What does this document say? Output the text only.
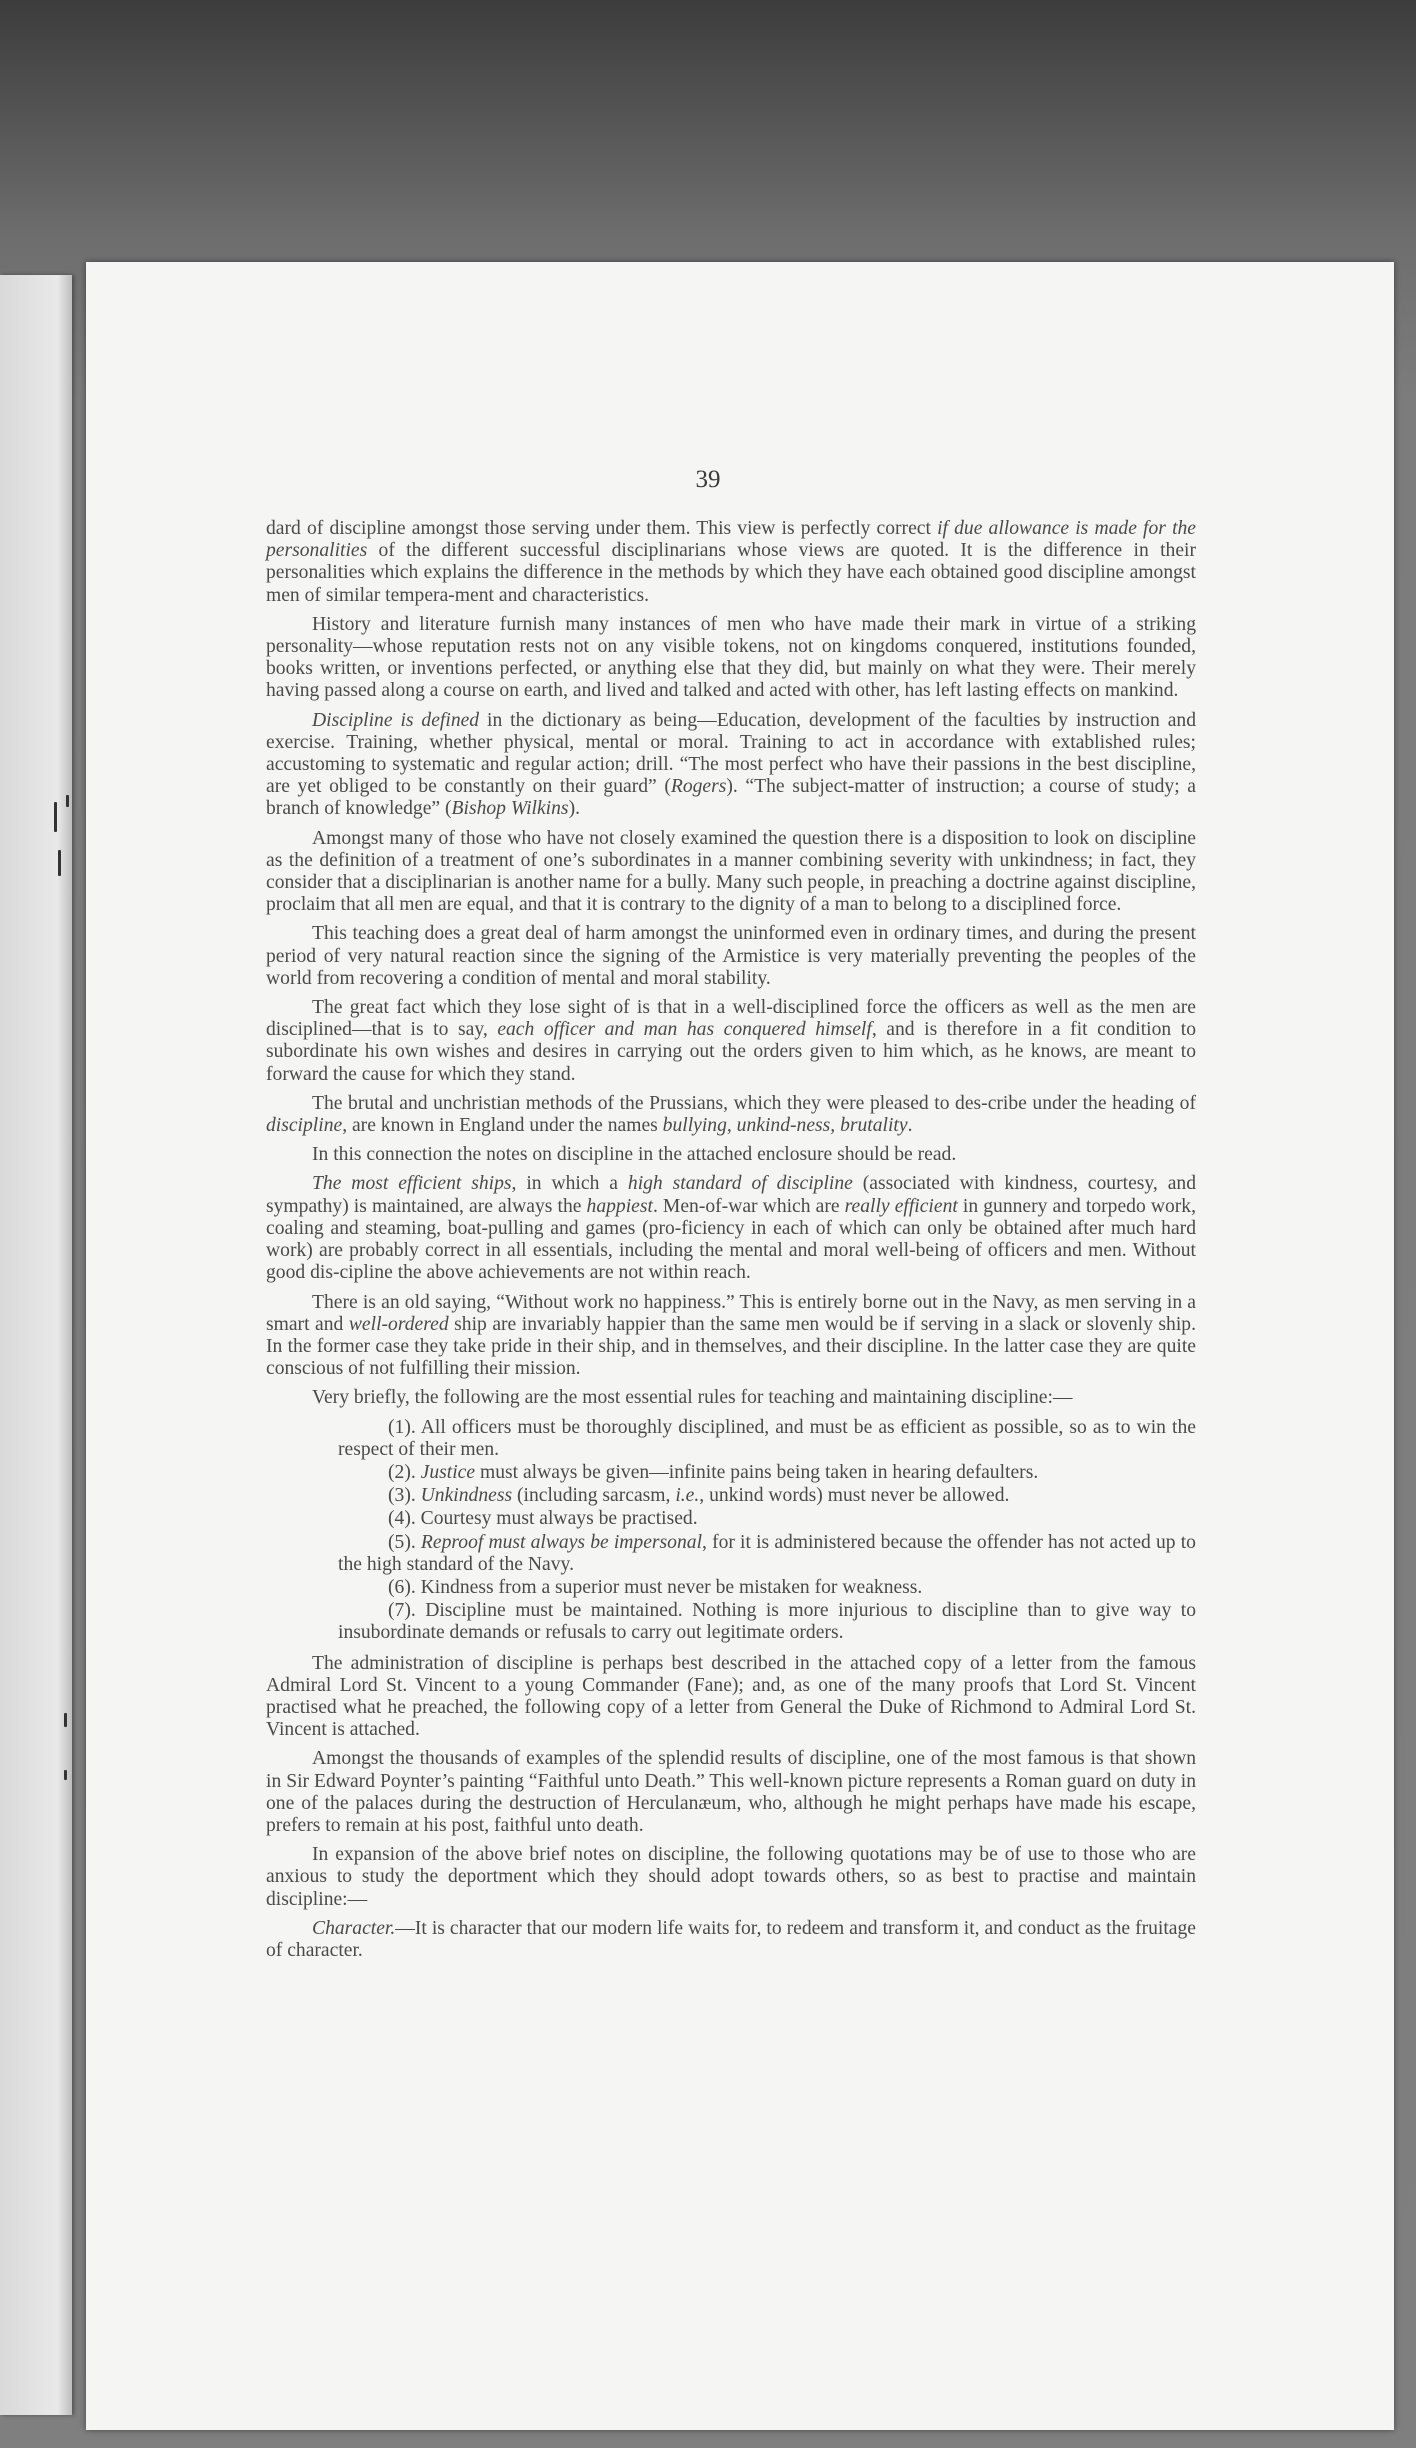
39

dard of discipline amongst those serving under them. This view is perfectly correct if due allowance is made for the personalities of the different successful disciplinarians whose views are quoted. It is the difference in their personalities which explains the difference in the methods by which they have each obtained good discipline amongst men of similar tempera-ment and characteristics.

History and literature furnish many instances of men who have made their mark in virtue of a striking personality—whose reputation rests not on any visible tokens, not on kingdoms conquered, institutions founded, books written, or inventions perfected, or anything else that they did, but mainly on what they were. Their merely having passed along a course on earth, and lived and talked and acted with other, has left lasting effects on mankind.

Discipline is defined in the dictionary as being—Education, development of the faculties by instruction and exercise. Training, whether physical, mental or moral. Training to act in accordance with extablished rules; accustoming to systematic and regular action; drill. “The most perfect who have their passions in the best discipline, are yet obliged to be constantly on their guard” (Rogers). “The subject-matter of instruction; a course of study; a branch of knowledge” (Bishop Wilkins).

Amongst many of those who have not closely examined the question there is a disposition to look on discipline as the definition of a treatment of one’s subordinates in a manner combining severity with unkindness; in fact, they consider that a disciplinarian is another name for a bully. Many such people, in preaching a doctrine against discipline, proclaim that all men are equal, and that it is contrary to the dignity of a man to belong to a disciplined force.

This teaching does a great deal of harm amongst the uninformed even in ordinary times, and during the present period of very natural reaction since the signing of the Armistice is very materially preventing the peoples of the world from recovering a condition of mental and moral stability.

The great fact which they lose sight of is that in a well-disciplined force the officers as well as the men are disciplined—that is to say, each officer and man has conquered himself, and is therefore in a fit condition to subordinate his own wishes and desires in carrying out the orders given to him which, as he knows, are meant to forward the cause for which they stand.

The brutal and unchristian methods of the Prussians, which they were pleased to des-cribe under the heading of discipline, are known in England under the names bullying, unkind-ness, brutality.

In this connection the notes on discipline in the attached enclosure should be read.

The most efficient ships, in which a high standard of discipline (associated with kindness, courtesy, and sympathy) is maintained, are always the happiest. Men-of-war which are really efficient in gunnery and torpedo work, coaling and steaming, boat-pulling and games (pro-ficiency in each of which can only be obtained after much hard work) are probably correct in all essentials, including the mental and moral well-being of officers and men. Without good dis-cipline the above achievements are not within reach.

There is an old saying, “Without work no happiness.” This is entirely borne out in the Navy, as men serving in a smart and well-ordered ship are invariably happier than the same men would be if serving in a slack or slovenly ship. In the former case they take pride in their ship, and in themselves, and their discipline. In the latter case they are quite conscious of not fulfilling their mission.

Very briefly, the following are the most essential rules for teaching and maintaining discipline:—

(1). All officers must be thoroughly disciplined, and must be as efficient as possible, so as to win the respect of their men.

(2). Justice must always be given—infinite pains being taken in hearing defaulters.

(3). Unkindness (including sarcasm, i.e., unkind words) must never be allowed.

(4). Courtesy must always be practised.

(5). Reproof must always be impersonal, for it is administered because the offender has not acted up to the high standard of the Navy.

(6). Kindness from a superior must never be mistaken for weakness.

(7). Discipline must be maintained. Nothing is more injurious to discipline than to give way to insubordinate demands or refusals to carry out legitimate orders.

The administration of discipline is perhaps best described in the attached copy of a letter from the famous Admiral Lord St. Vincent to a young Commander (Fane); and, as one of the many proofs that Lord St. Vincent practised what he preached, the following copy of a letter from General the Duke of Richmond to Admiral Lord St. Vincent is attached.

Amongst the thousands of examples of the splendid results of discipline, one of the most famous is that shown in Sir Edward Poynter’s painting “Faithful unto Death.” This well-known picture represents a Roman guard on duty in one of the palaces during the destruction of Herculanæum, who, although he might perhaps have made his escape, prefers to remain at his post, faithful unto death.

In expansion of the above brief notes on discipline, the following quotations may be of use to those who are anxious to study the deportment which they should adopt towards others, so as best to practise and maintain discipline:—

Character.—It is character that our modern life waits for, to redeem and transform it, and conduct as the fruitage of character.
